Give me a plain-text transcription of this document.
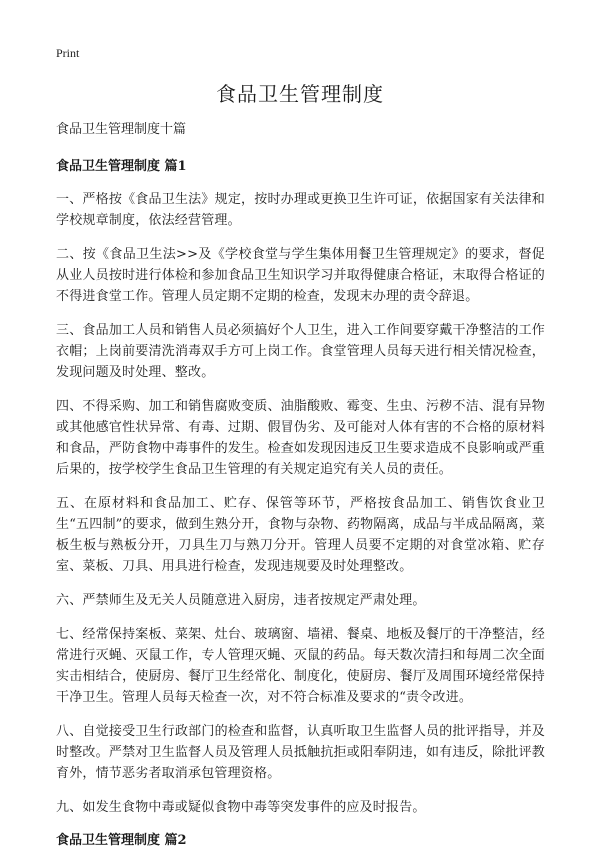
Print
食品卫生管理制度

食品卫生管理制度十篇

食品卫生管理制度 篇1

一、严格按《食品卫生法》规定，按时办理或更换卫生许可证，依据国家有关法律和学校规章制度，依法经营管理。

二、按《食品卫生法>>及《学校食堂与学生集体用餐卫生管理规定》的要求，督促从业人员按时进行体检和参加食品卫生知识学习并取得健康合格证，末取得合格证的不得进食堂工作。管理人员定期不定期的检查，发现末办理的责令辞退。

三、食品加工人员和销售人员必须搞好个人卫生，进入工作间要穿戴干净整洁的工作衣帽；上岗前要清洗消毒双手方可上岗工作。食堂管理人员每天进行相关情况检查，发现问题及时处理、整改。

四、不得采购、加工和销售腐败变质、油脂酸败、霉变、生虫、污秽不洁、混有异物或其他感官性状异常、有毒、过期、假冒伪劣、及可能对人体有害的不合格的原材料和食品，严防食物中毒事件的发生。检查如发现因违反卫生要求造成不良影响或严重后果的，按学校学生食品卫生管理的有关规定追究有关人员的责任。

五、在原材料和食品加工、贮存、保管等环节，严格按食品加工、销售饮食业卫生“五四制”的要求，做到生熟分开，食物与杂物、药物隔离，成品与半成品隔离，菜板生板与熟板分开，刀具生刀与熟刀分开。管理人员要不定期的对食堂冰箱、贮存室、菜板、刀具、用具进行检查，发现违规要及时处理整改。

六、严禁师生及无关人员随意进入厨房，违者按规定严肃处理。

七、经常保持案板、菜架、灶台、玻璃窗、墙裙、餐桌、地板及餐厅的干净整洁，经常进行灭蝇、灭鼠工作，专人管理灭蝇、灭鼠的药品。每天数次清扫和每周二次全面实击相结合，使厨房、餐厅卫生经常化、制度化，使厨房、餐厅及周围环境经常保持干净卫生。管理人员每天检查一次，对不符合标准及要求的“责令改进。

八、自觉接受卫生行政部门的检查和监督，认真听取卫生监督人员的批评指导，并及时整改。严禁对卫生监督人员及管理人员抵触抗拒或阳奉阴违，如有违反，除批评教育外，情节恶劣者取消承包管理资格。

九、如发生食物中毒或疑似食物中毒等突发事件的应及时报告。

食品卫生管理制度 篇2
